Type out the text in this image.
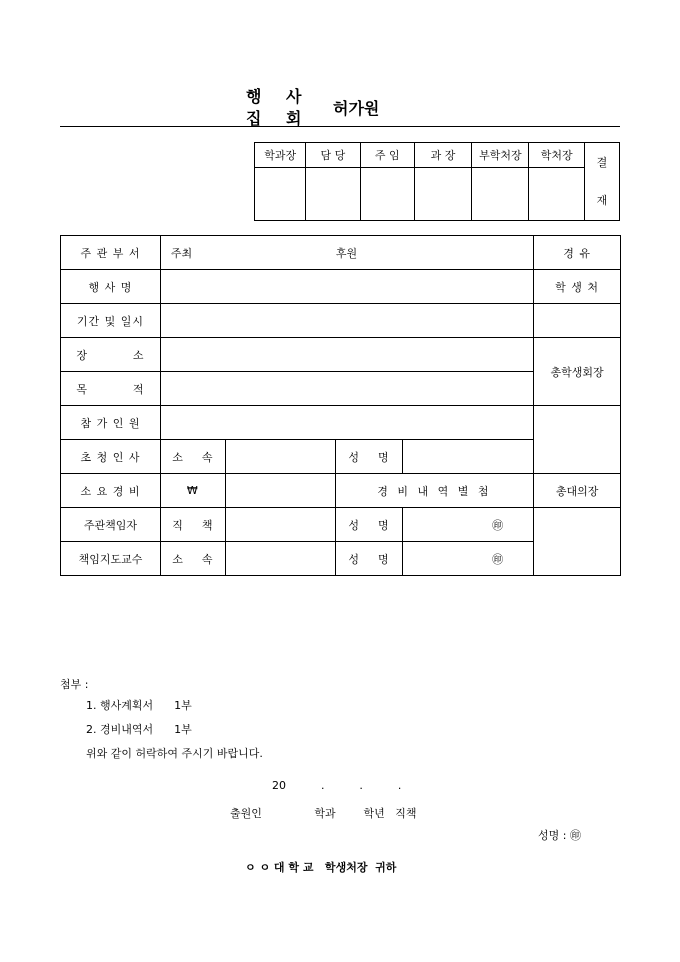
행 사
집 회
허가원
학과장	담 당	주 임	과 장	부학처장	학처장	결
재

주 관 부 서	주최 후원				경 유
행 사 명					학 생 처
기간 및 일시					
장          소					총학생회장
목          적					
참 가 인 원					
초 청 인 사	소    속		성    명		
소 요 경 비	₩		경 비 내 역 별 첨		총대의장
주관책임자	직    책		성    명	㊞	
책임지도교수	소    속		성    명	㊞	
첨부 :
1. 행사계획서      1부
2. 경비내역서      1부
위와 같이 허락하여 주시기 바랍니다.
20          .          .          .
출원인               학과        학년   직책
성명 : ㊞
ㅇ ㅇ 대 학 교   학생처장  귀하
